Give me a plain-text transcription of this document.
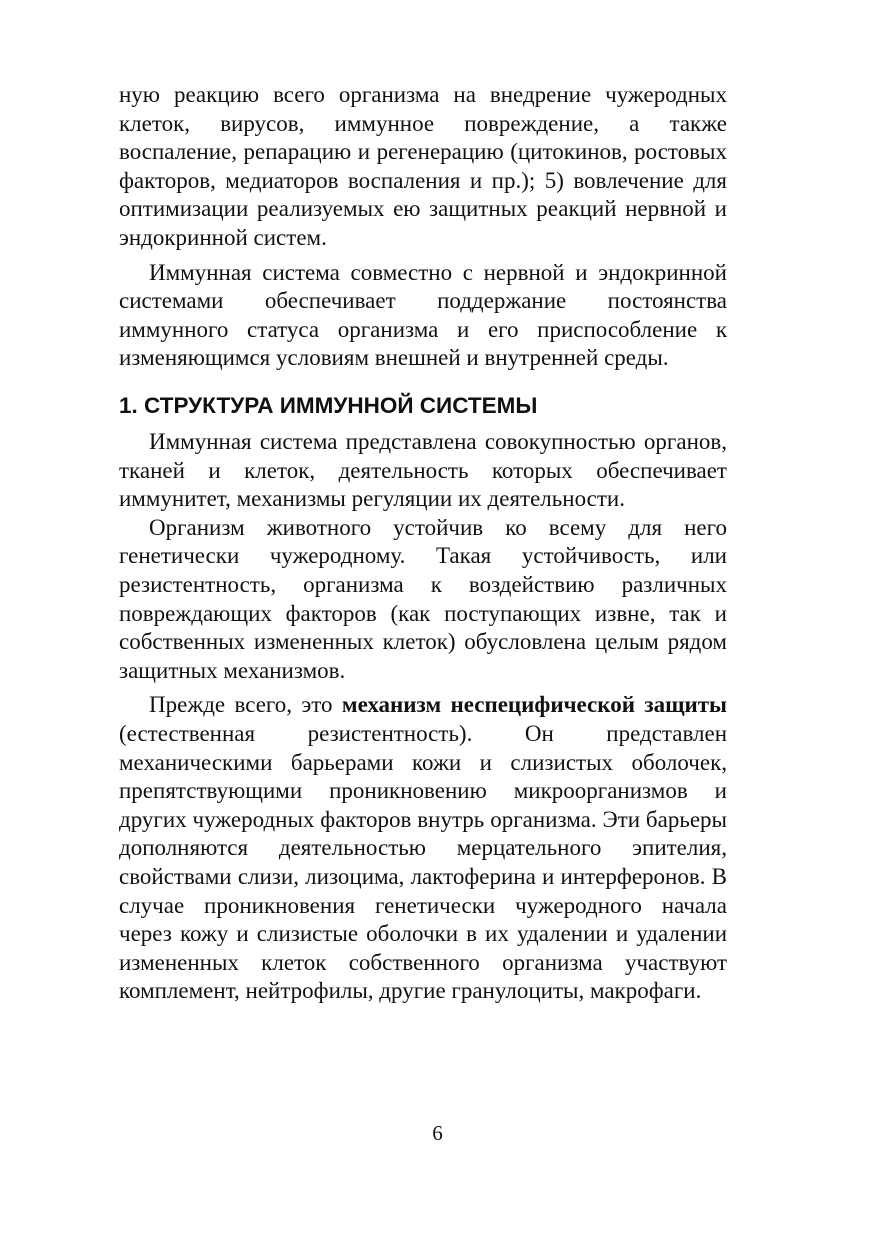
ную реакцию всего организма на внедрение чужеродных клеток, вирусов, иммунное повреждение, а также воспаление, репарацию и регенерацию (цитокинов, ростовых факторов, медиаторов воспаления и пр.); 5) вовлечение для оптимизации реализуемых ею защитных реакций нервной и эндокринной систем.

Иммунная система совместно с нервной и эндокринной системами обеспечивает поддержание постоянства иммунного статуса организма и его приспособление к изменяющимся условиям внешней и внутренней среды.

1. СТРУКТУРА ИММУННОЙ СИСТЕМЫ

Иммунная система представлена совокупностью органов, тканей и клеток, деятельность которых обеспечивает иммунитет, механизмы регуляции их деятельности.

Организм животного устойчив ко всему для него генетически чужеродному. Такая устойчивость, или резистентность, организма к воздействию различных повреждающих факторов (как поступающих извне, так и собственных измененных клеток) обусловлена целым рядом защитных механизмов.

Прежде всего, это механизм неспецифической защиты (естественная резистентность). Он представлен механическими барьерами кожи и слизистых оболочек, препятствующими проникновению микроорганизмов и других чужеродных факторов внутрь организма. Эти барьеры дополняются деятельностью мерцательного эпителия, свойствами слизи, лизоцима, лактоферина и интерферонов. В случае проникновения генетически чужеродного начала через кожу и слизистые оболочки в их удалении и удалении измененных клеток собственного организма участвуют комплемент, нейтрофилы, другие гранулоциты, макрофаги.

6
